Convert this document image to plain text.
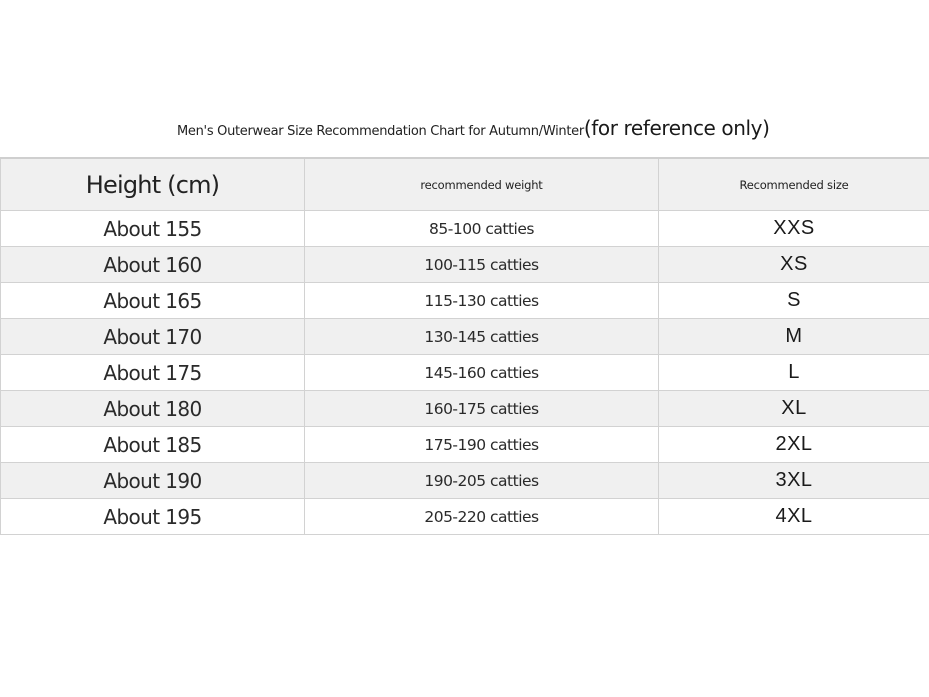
Men's Outerwear Size Recommendation Chart for Autumn/Winter (for reference only)
Height (cm)	recommended weight	Recommended size
About 155	85-100 catties	XXS
About 160	100-115 catties	XS
About 165	115-130 catties	S
About 170	130-145 catties	M
About 175	145-160 catties	L
About 180	160-175 catties	XL
About 185	175-190 catties	2XL
About 190	190-205 catties	3XL
About 195	205-220 catties	4XL
